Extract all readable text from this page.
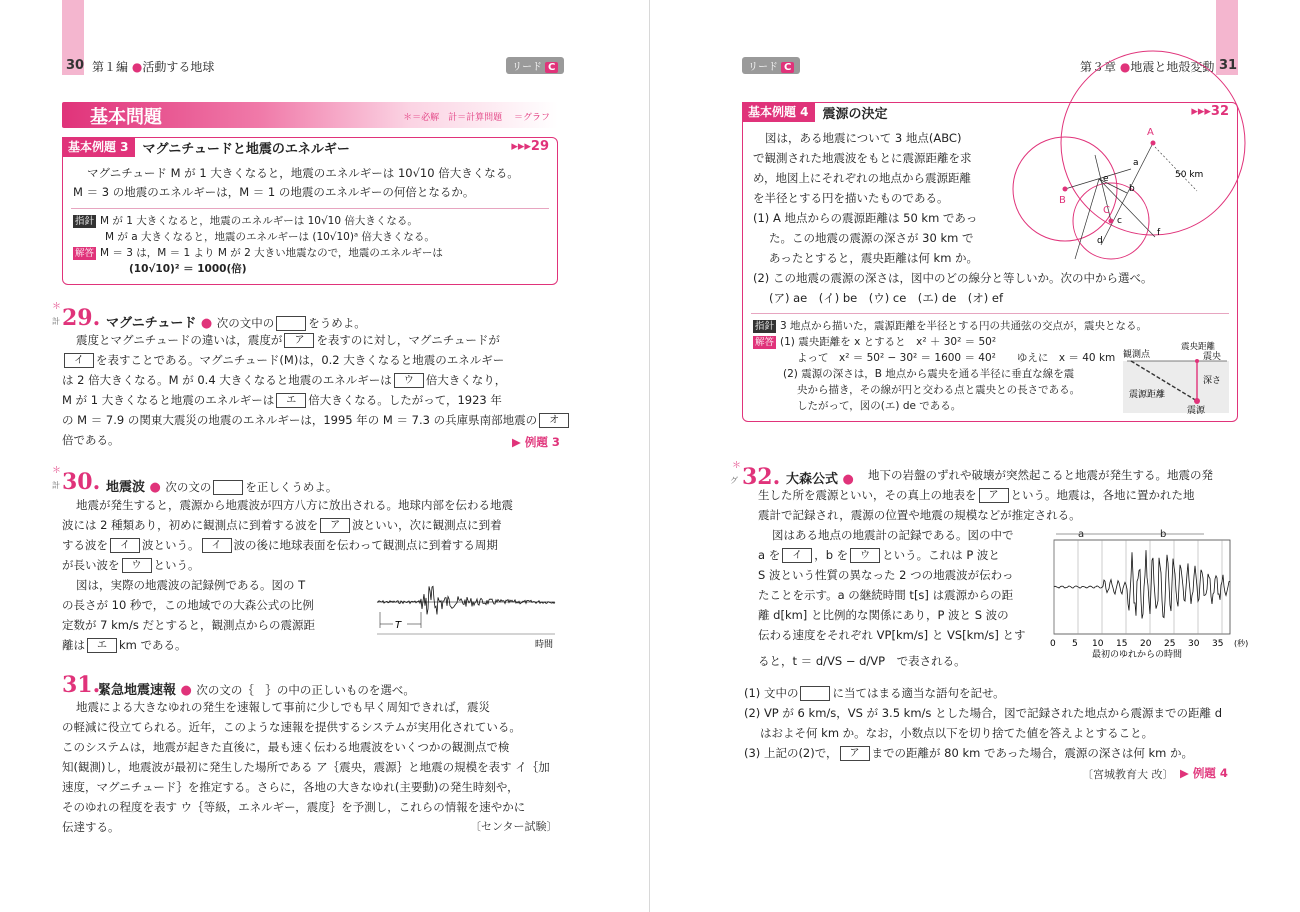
30 第１編 ●活動する地球	リード C
基本問題	＊＝必解　計＝計算問題　 ＝グラフ
基本例題 3	マグニチュードと地震のエネルギー	▸▸▸29
マグニチュード M が 1 大きくなると，地震のエネルギーは 10√10 倍大きくなる。
M ＝ 3 の地震のエネルギーは，M ＝ 1 の地震のエネルギーの何倍となるか。
指針 M が 1 大きくなると，地震のエネルギーは 10√10 倍大きくなる。
M が a 大きくなると，地震のエネルギーは (10√10)ᵃ 倍大きくなる。
解答 M ＝ 3 は，M ＝ 1 より M が 2 大きい地震なので，地震のエネルギーは
(10√10)² ＝ 1000(倍)
＊
計 29. マグニチュード ● 次の文中の	をうめよ。
震度とマグニチュードの違いは，震度が ア を表すのに対し，マグニチュードが
イ を表すことである。マグニチュード(M)は，0.2 大きくなると地震のエネルギー
は 2 倍大きくなる。M が 0.4 大きくなると地震のエネルギーは ウ 倍大きくなり，
M が 1 大きくなると地震のエネルギーは エ 倍大きくなる。したがって，1923 年
の M ＝ 7.9 の関東大震災の地震のエネルギーは，1995 年の M ＝ 7.3 の兵庫県南部地震の オ
倍である。	▶ 例題 3
＊
計 30. 地震波 ● 次の文の	を正しくうめよ。
地震が発生すると，震源から地震波が四方八方に放出される。地球内部を伝わる地震
波には 2 種類あり，初めに観測点に到着する波を ア 波といい，次に観測点に到着
する波を イ 波という。 イ 波の後に地球表面を伝わって観測点に到着する周期
が長い波を ウ という。
図は，実際の地震波の記録例である。図の T
の長さが 10 秒で，この地域での大森公式の比例
定数が 7 km/s だとすると，観測点からの震源距
離は エ km である。
T
時間
31.
緊急地震速報 ● 次の文の｛　｝の中の正しいものを選べ。
地震による大きなゆれの発生を速報して事前に少しでも早く周知できれば，震災
の軽減に役立てられる。近年，このような速報を提供するシステムが実用化されている。
このシステムは，地震が起きた直後に，最も速く伝わる地震波をいくつかの観測点で検
知(観測)し，地震波が最初に発生した場所である ア｛震央，震源｝と地震の規模を表す イ｛加
速度，マグニチュード｝を推定する。さらに，各地の大きなゆれ(主要動)の発生時刻や，
そのゆれの程度を表す ウ｛等級，エネルギー，震度｝を予測し，これらの情報を速やかに
伝達する。	〔センター試験〕
リード C	第３章 ●地震と地殻変動 31
基本例題 4	震源の決定	▸▸▸32
図は，ある地震について 3 地点(ABC)
で観測された地震波をもとに震源距離を求
め，地図上にそれぞれの地点から震源距離
を半径とする円を描いたものである。
(1) A 地点からの震源距離は 50 km であっ
た。この地震の震源の深さが 30 km で
あったとすると，震央距離は何 km か。
(2) この地震の震源の深さは，図中のどの線分と等しいか。次の中から選べ。
(ア) ae　(イ) be　(ウ) ce　(エ) de　(オ) ef
A
a
b
c
d
e
f
B
C
50 km
指針 3 地点から描いた，震源距離を半径とする円の共通弦の交点が，震央となる。
解答 (1) 震央距離を x とすると　x² ＋ 30² ＝ 50²
よって　x² ＝ 50² − 30² ＝ 1600 ＝ 40²　　ゆえに　x ＝ 40 km
(2) 震源の深さは，B 地点から震央を通る半径に垂直な線を震
央から描き，その線が円と交わる点と震央との長さである。
したがって，図の(エ) de である。
観測点
震央距離
震央
深さ
震源距離
震源
＊
グ 32. 大森公式 ● 地下の岩盤のずれや破壊が突然起こると地震が発生する。地震の発
生した所を震源といい，その真上の地表を ア という。地震は，各地に置かれた地
震計で記録され，震源の位置や地震の規模などが推定される。
図はある地点の地震計の記録である。図の中で
a を イ ，b を ウ という。これは P 波と
S 波という性質の異なった 2 つの地震波が伝わっ
たことを示す。a の継続時間 t[s] は震源からの距
離 d[km] と比例的な関係にあり，P 波と S 波の
伝わる速度をそれぞれ VP[km/s] と VS[km/s] とす
ると，t ＝ d/VS − d/VP　で表される。
a	b
0 5 10 15 20 25 30 35 (秒)
最初のゆれからの時間
(1) 文中の	に当てはまる適当な語句を記せ。
(2) VP が 6 km/s，VS が 3.5 km/s とした場合，図で記録された地点から震源までの距離 d
はおよそ何 km か。なお，小数点以下を切り捨てた値を答えよとすること。
(3) 上記の(2)で， ア までの距離が 80 km であった場合，震源の深さは何 km か。
〔宮城教育大 改〕 ▶ 例題 4
